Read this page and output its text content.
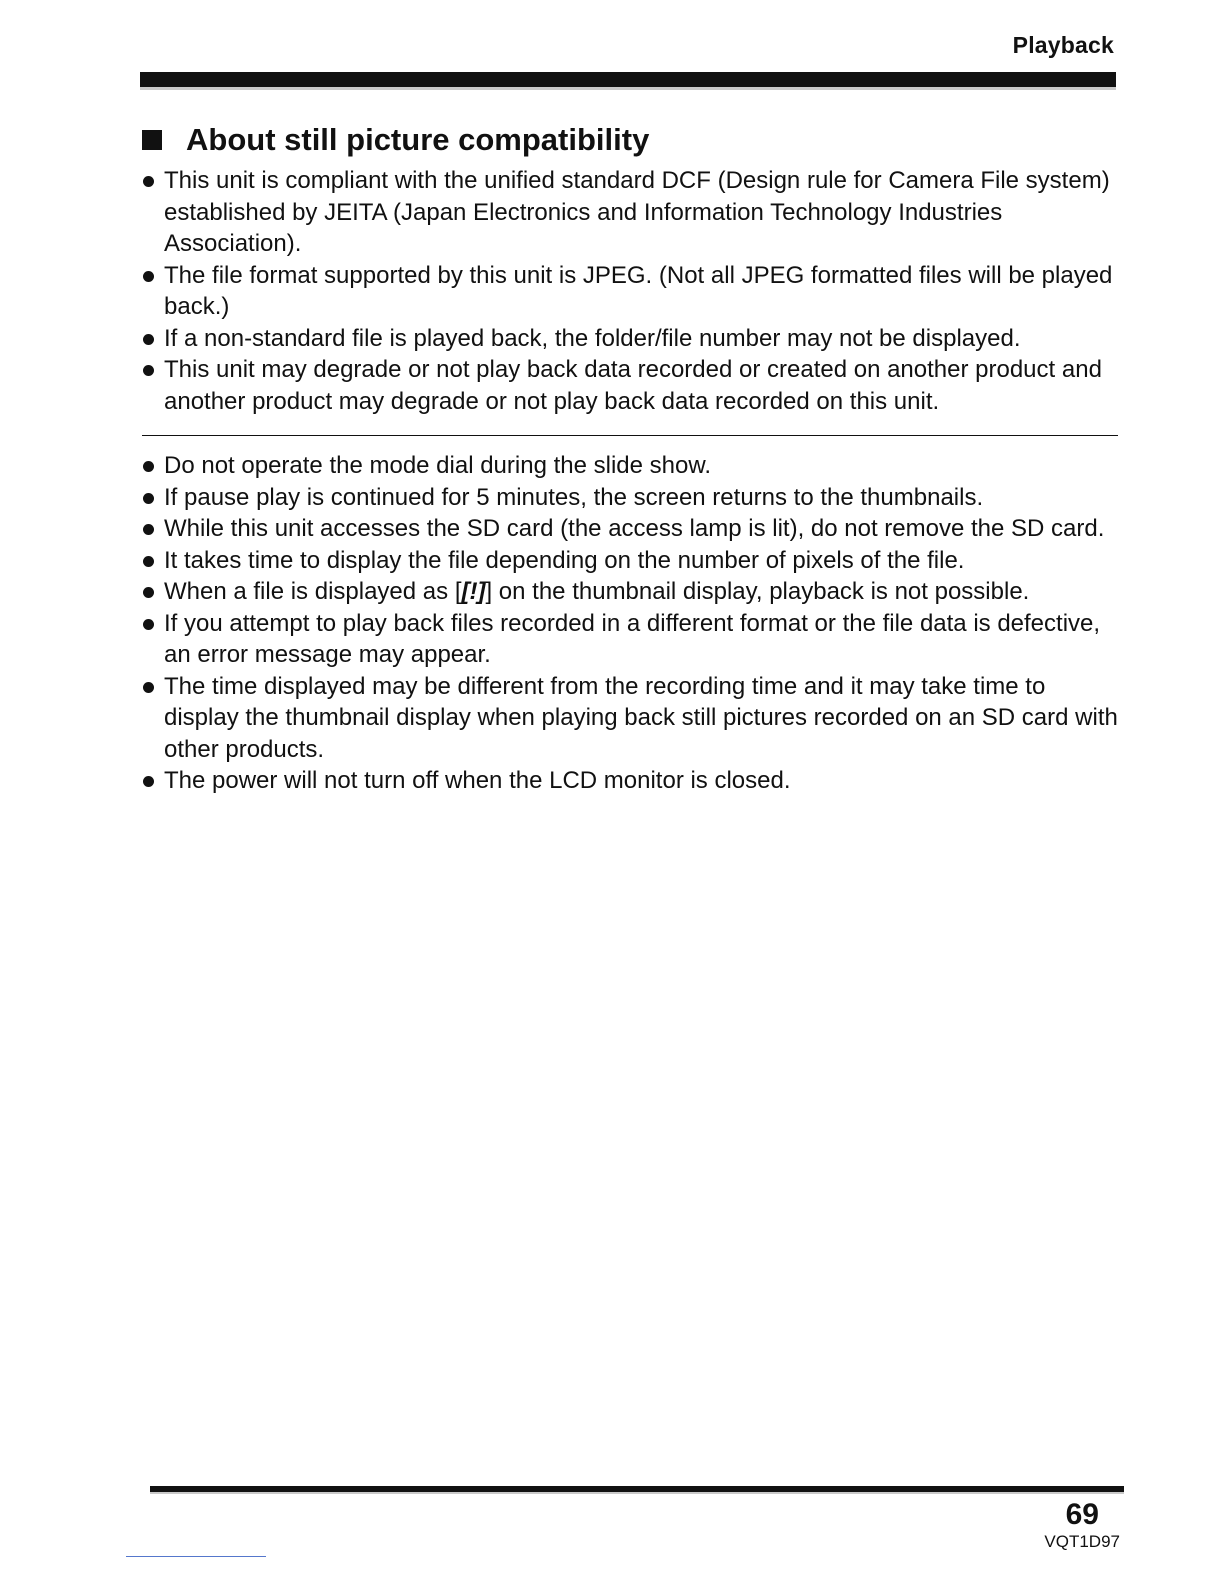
Playback
About still picture compatibility
This unit is compliant with the unified standard DCF (Design rule for Camera File system) established by JEITA (Japan Electronics and Information Technology Industries Association).
The file format supported by this unit is JPEG. (Not all JPEG formatted files will be played back.)
If a non-standard file is played back, the folder/file number may not be displayed.
This unit may degrade or not play back data recorded or created on another product and another product may degrade or not play back data recorded on this unit.
Do not operate the mode dial during the slide show.
If pause play is continued for 5 minutes, the screen returns to the thumbnails.
While this unit accesses the SD card (the access lamp is lit), do not remove the SD card.
It takes time to display the file depending on the number of pixels of the file.
When a file is displayed as [[!]] on the thumbnail display, playback is not possible.
If you attempt to play back files recorded in a different format or the file data is defective, an error message may appear.
The time displayed may be different from the recording time and it may take time to display the thumbnail display when playing back still pictures recorded on an SD card with other products.
The power will not turn off when the LCD monitor is closed.
69
VQT1D97
